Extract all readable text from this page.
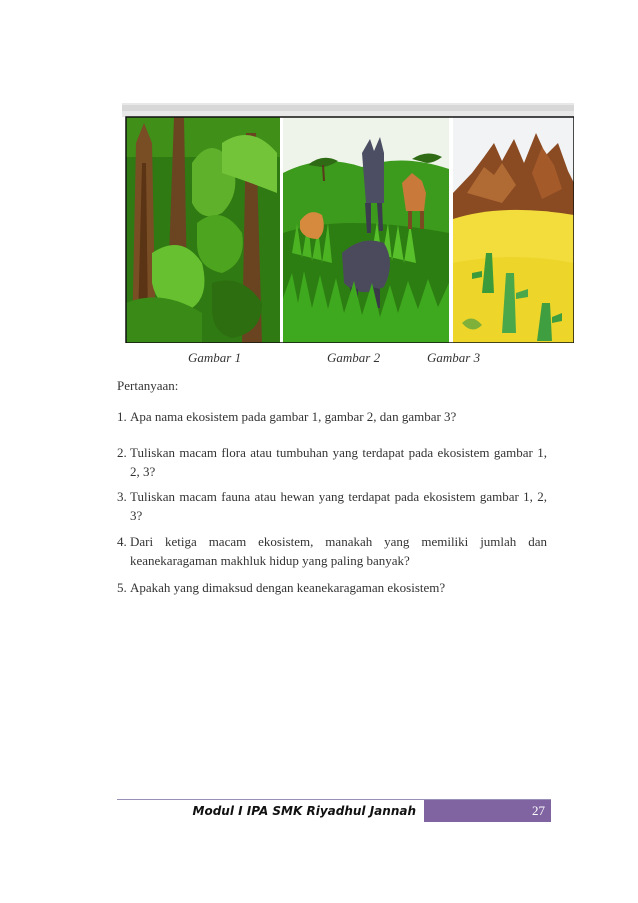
Gambar 1	Gambar 2	Gambar 3
Pertanyaan:
1. Apa nama ekosistem pada gambar 1, gambar 2, dan gambar 3?
2. Tuliskan macam flora atau tumbuhan yang terdapat pada ekosistem gambar 1, 2, 3?
3. Tuliskan macam fauna atau hewan yang terdapat pada ekosistem gambar 1, 2, 3?
4. Dari ketiga macam ekosistem, manakah yang memiliki jumlah dan keanekaragaman makhluk hidup yang paling banyak?
5. Apakah yang dimaksud dengan keanekaragaman ekosistem?
Modul I IPA SMK Riyadhul Jannah	27
